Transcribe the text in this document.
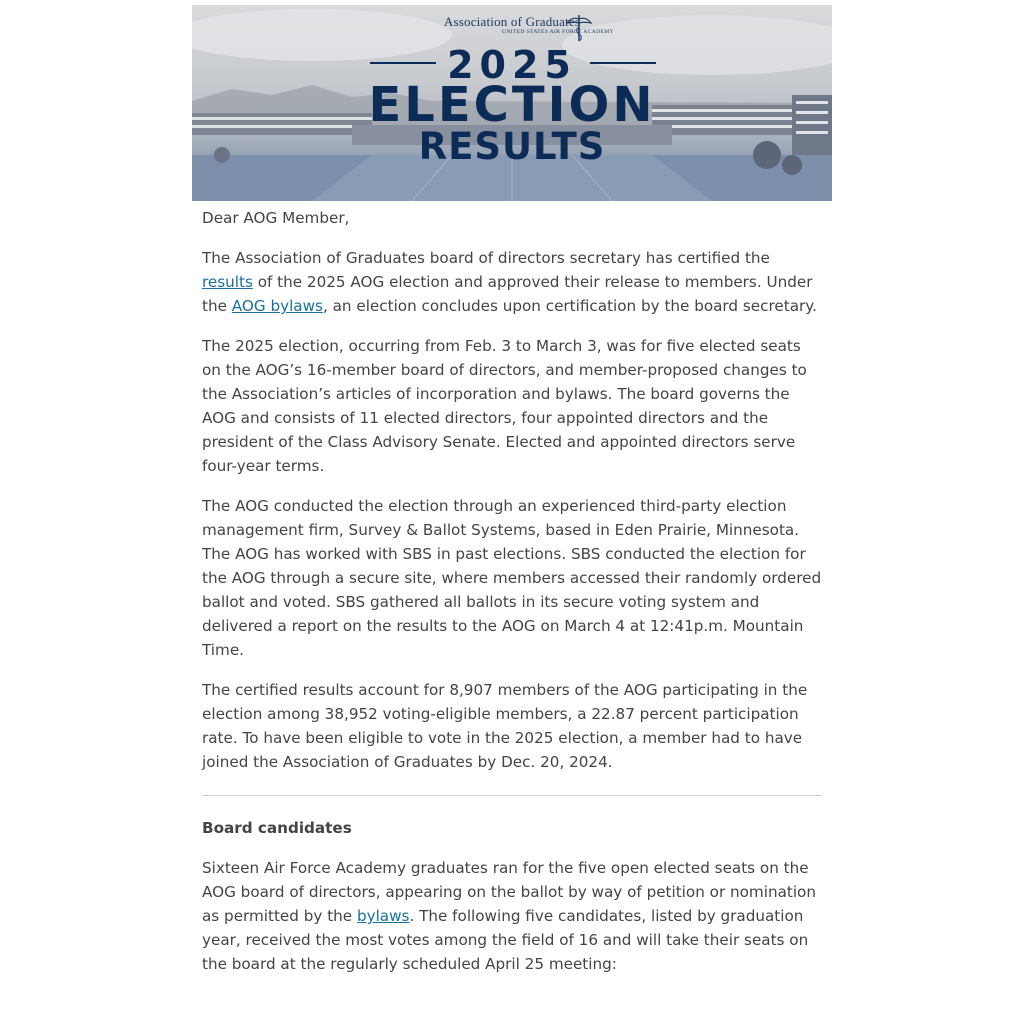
Association of Graduates
UNITED STATES AIR FORCE ACADEMY
2025
ELECTION
RESULTS

Dear AOG Member,

The Association of Graduates board of directors secretary has certified the results of the 2025 AOG election and approved their release to members. Under the AOG bylaws, an election concludes upon certification by the board secretary.

The 2025 election, occurring from Feb. 3 to March 3, was for five elected seats on the AOG’s 16-member board of directors, and member-proposed changes to the Association’s articles of incorporation and bylaws. The board governs the AOG and consists of 11 elected directors, four appointed directors and the president of the Class Advisory Senate. Elected and appointed directors serve four-year terms.

The AOG conducted the election through an experienced third-party election management firm, Survey & Ballot Systems, based in Eden Prairie, Minnesota. The AOG has worked with SBS in past elections. SBS conducted the election for the AOG through a secure site, where members accessed their randomly ordered ballot and voted. SBS gathered all ballots in its secure voting system and delivered a report on the results to the AOG on March 4 at 12:41p.m. Mountain Time.

The certified results account for 8,907 members of the AOG participating in the election among 38,952 voting-eligible members, a 22.87 percent participation rate. To have been eligible to vote in the 2025 election, a member had to have joined the Association of Graduates by Dec. 20, 2024.

Board candidates

Sixteen Air Force Academy graduates ran for the five open elected seats on the AOG board of directors, appearing on the ballot by way of petition or nomination as permitted by the bylaws. The following five candidates, listed by graduation year, received the most votes among the field of 16 and will take their seats on the board at the regularly scheduled April 25 meeting:
